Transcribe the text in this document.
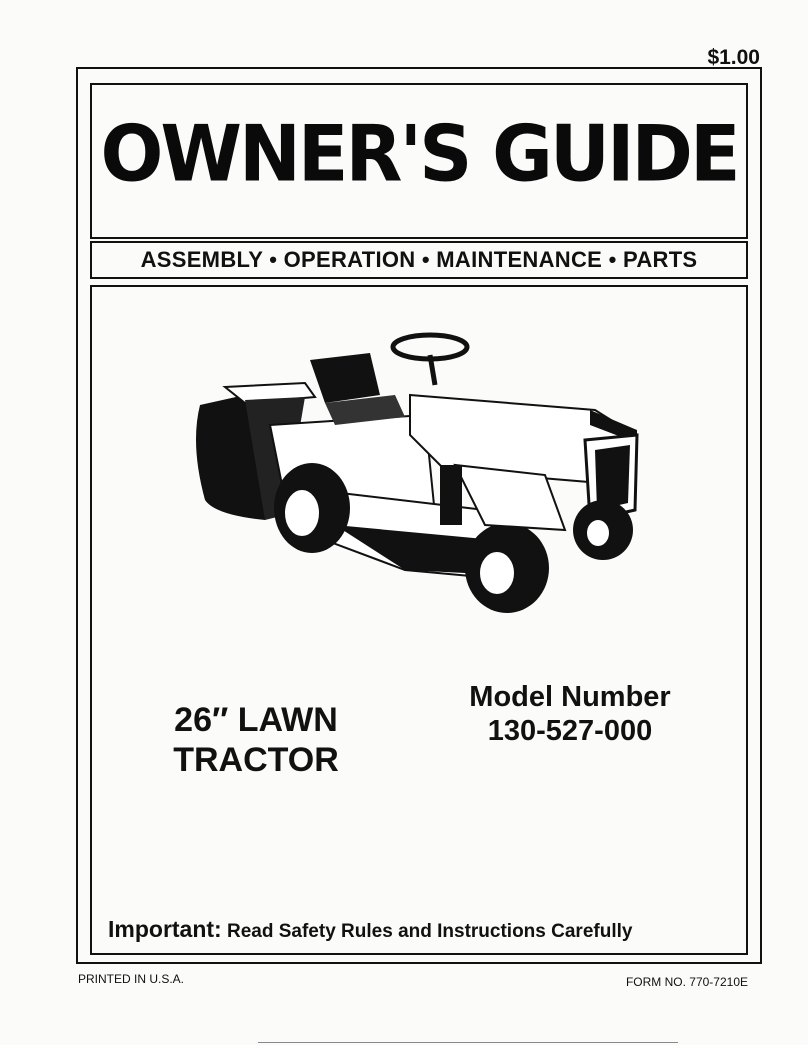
$1.00
OWNER'S GUIDE
ASSEMBLY • OPERATION • MAINTENANCE • PARTS
26″ LAWN
TRACTOR
Model Number
130-527-000
Important: Read Safety Rules and Instructions Carefully
PRINTED IN U.S.A.	FORM NO. 770-7210E
